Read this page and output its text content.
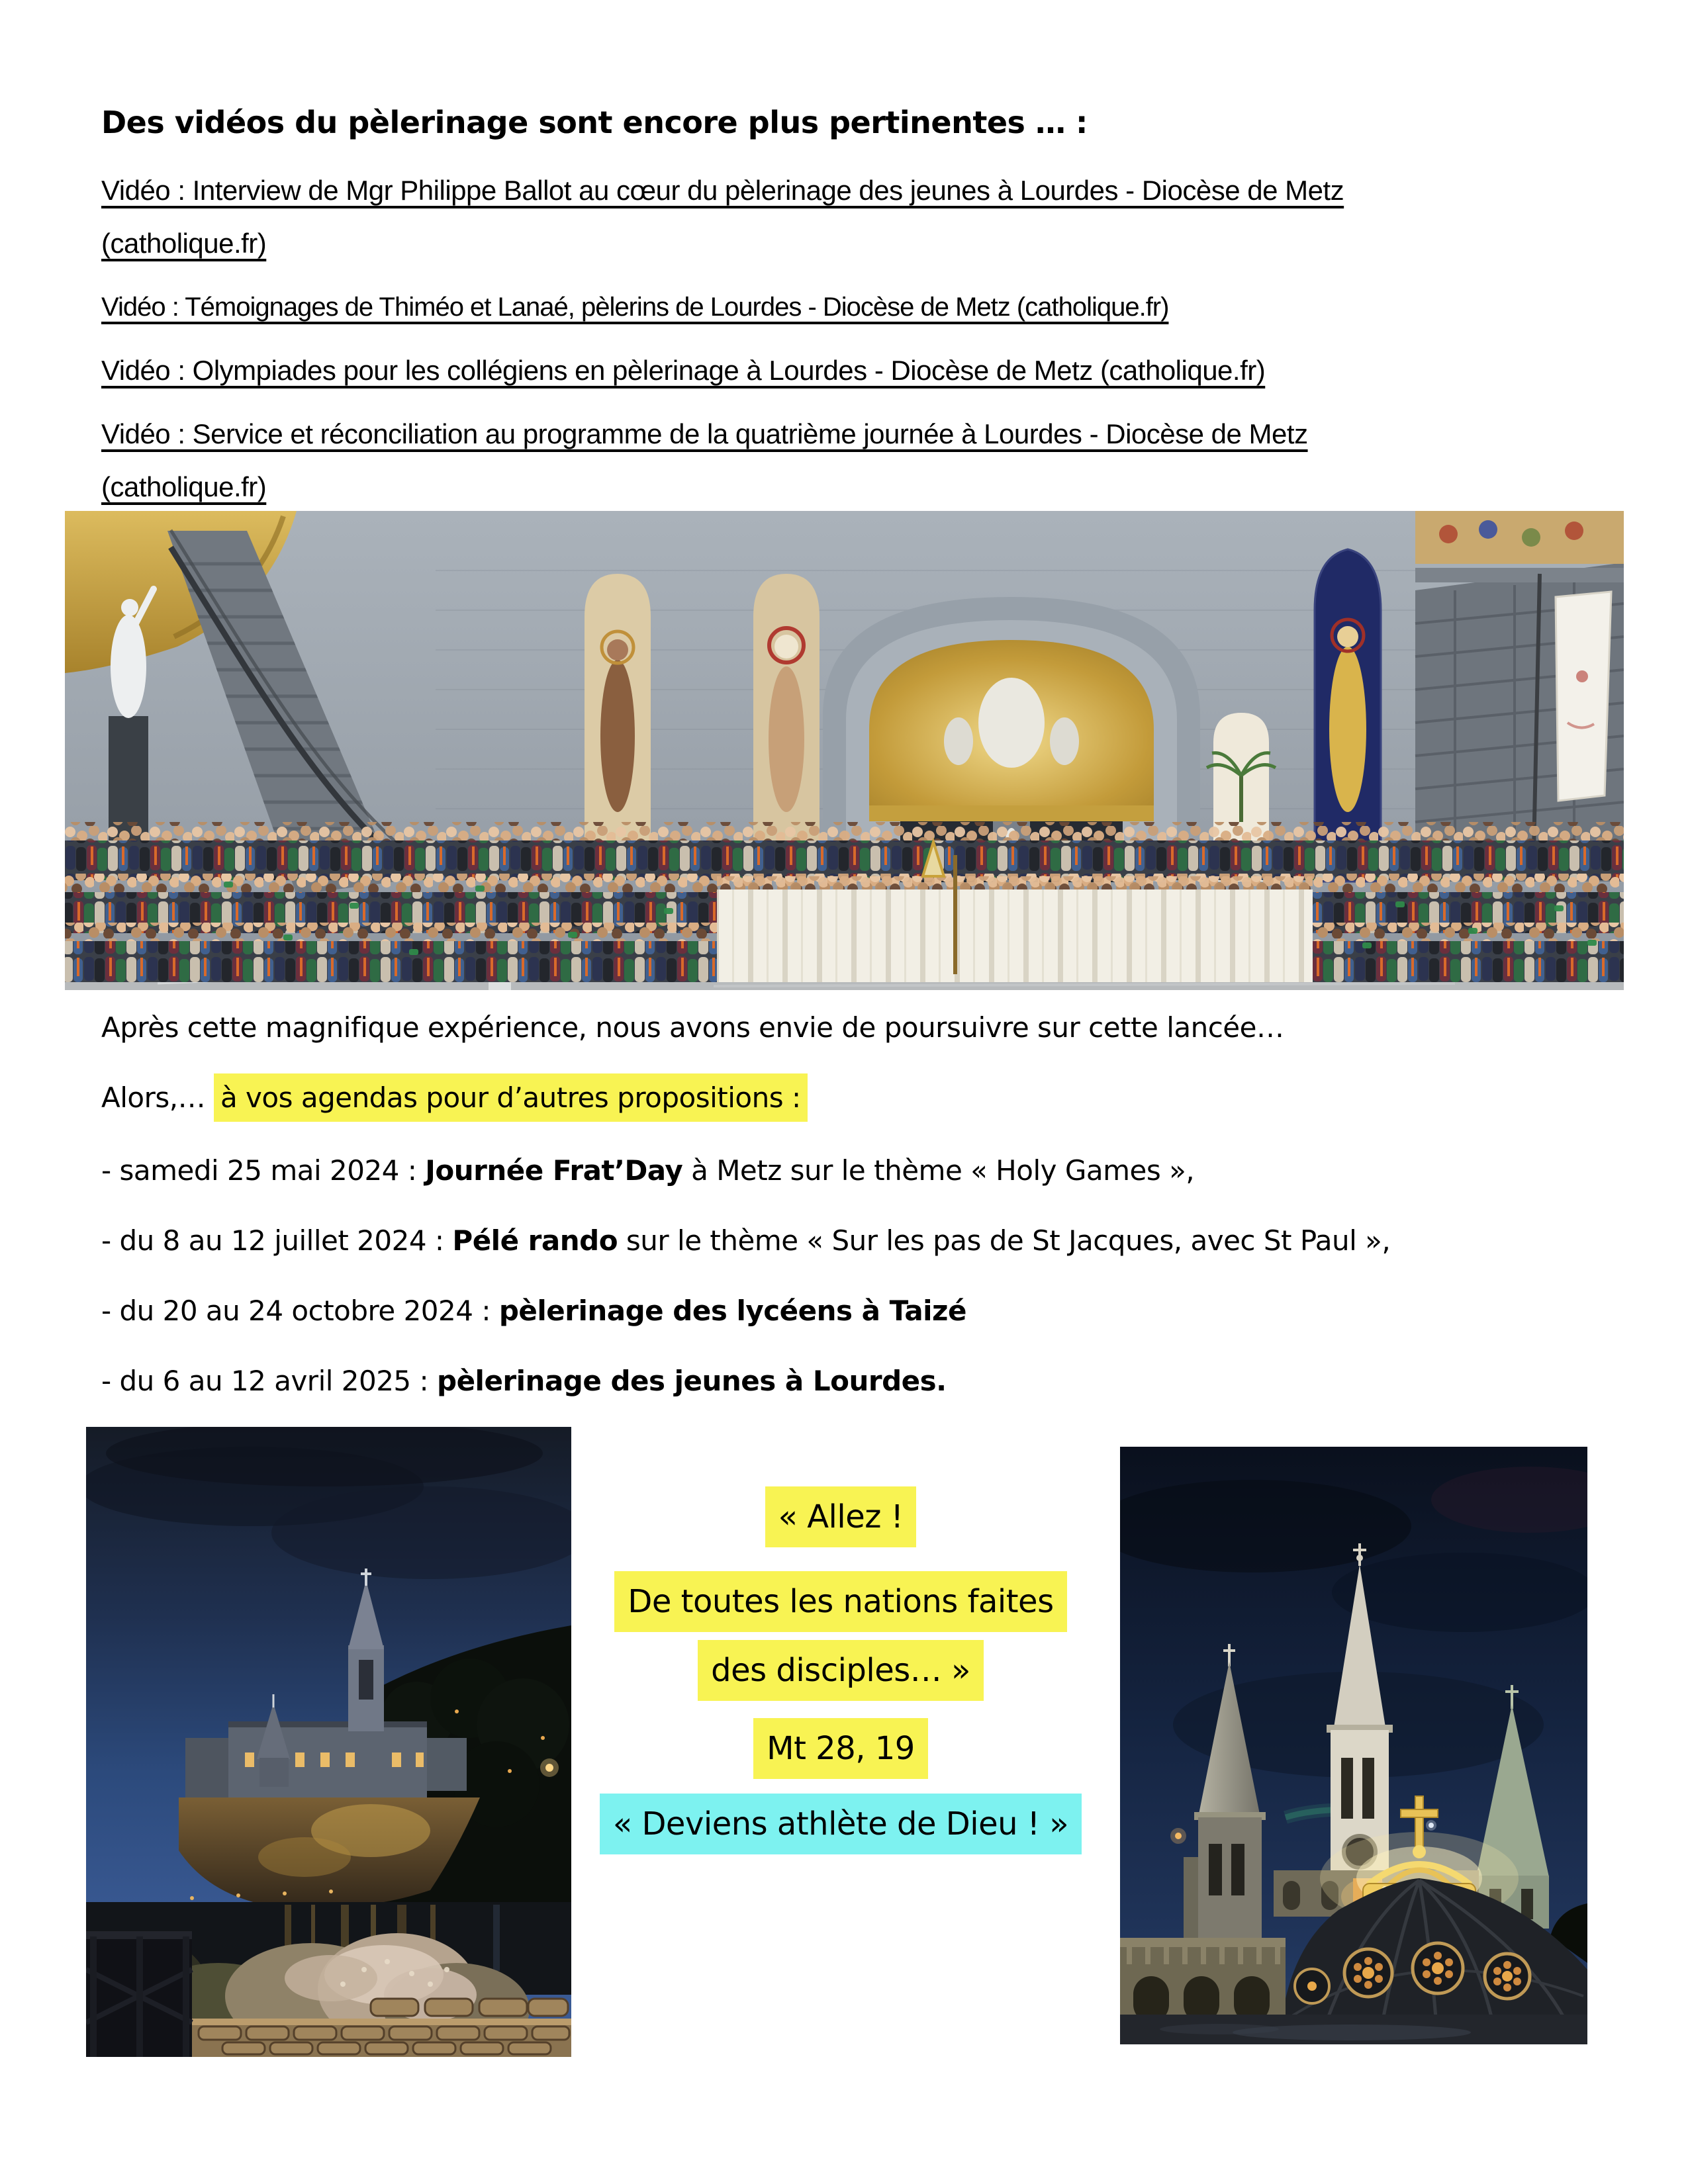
Des vidéos du pèlerinage sont encore plus pertinentes … :
Vidéo : Interview de Mgr Philippe Ballot au cœur du pèlerinage des jeunes à Lourdes - Diocèse de Metz
(catholique.fr)
Vidéo : Témoignages de Thiméo et Lanaé, pèlerins de Lourdes - Diocèse de Metz (catholique.fr)
Vidéo : Olympiades pour les collégiens en pèlerinage à Lourdes - Diocèse de Metz (catholique.fr)
Vidéo : Service et réconciliation au programme de la quatrième journée à Lourdes - Diocèse de Metz
(catholique.fr)
Après cette magnifique expérience, nous avons envie de poursuivre sur cette lancée…
Alors,… à vos agendas pour d’autres propositions :
- samedi 25 mai 2024 : Journée Frat’Day à Metz sur le thème « Holy Games »,
- du 8 au 12 juillet 2024 : Pélé rando sur le thème « Sur les pas de St Jacques, avec St Paul »,
- du 20 au 24 octobre 2024 : pèlerinage des lycéens à Taizé
- du 6 au 12 avril 2025 : pèlerinage des jeunes à Lourdes.
« Allez !
De toutes les nations faites
des disciples… »
Mt 28, 19
« Deviens athlète de Dieu ! »
